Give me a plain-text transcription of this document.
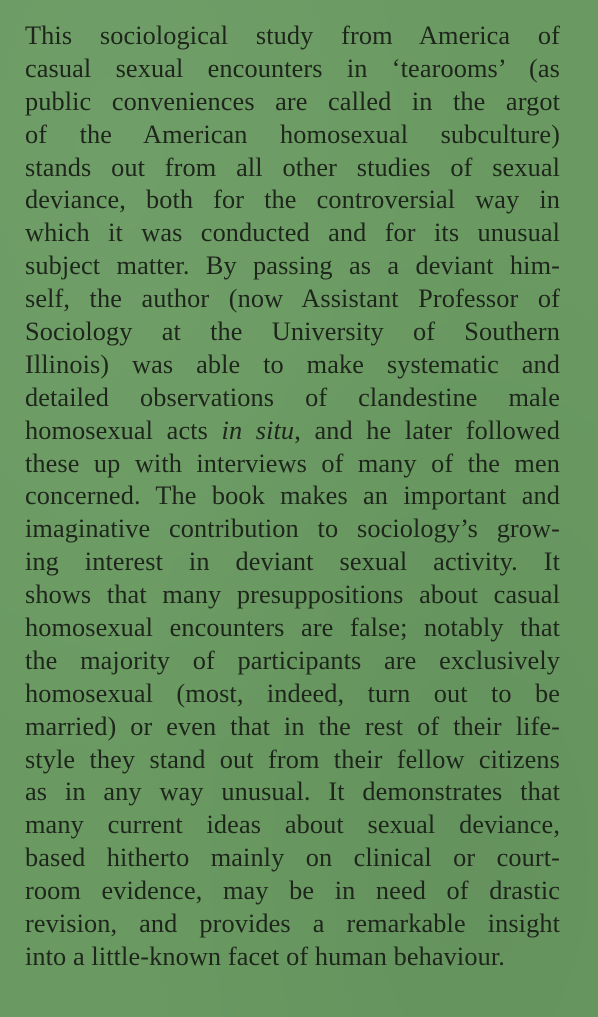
This sociological study from America of
casual sexual encounters in ‘tearooms’ (as
public conveniences are called in the argot
of the American homosexual subculture)
stands out from all other studies of sexual
deviance, both for the controversial way in
which it was conducted and for its unusual
subject matter. By passing as a deviant him-
self, the author (now Assistant Professor of
Sociology at the University of Southern
Illinois) was able to make systematic and
detailed observations of clandestine male
homosexual acts in situ, and he later followed
these up with interviews of many of the men
concerned. The book makes an important and
imaginative contribution to sociology’s grow-
ing interest in deviant sexual activity. It
shows that many presuppositions about casual
homosexual encounters are false; notably that
the majority of participants are exclusively
homosexual (most, indeed, turn out to be
married) or even that in the rest of their life-
style they stand out from their fellow citizens
as in any way unusual. It demonstrates that
many current ideas about sexual deviance,
based hitherto mainly on clinical or court-
room evidence, may be in need of drastic
revision, and provides a remarkable insight
into a little-known facet of human behaviour.
